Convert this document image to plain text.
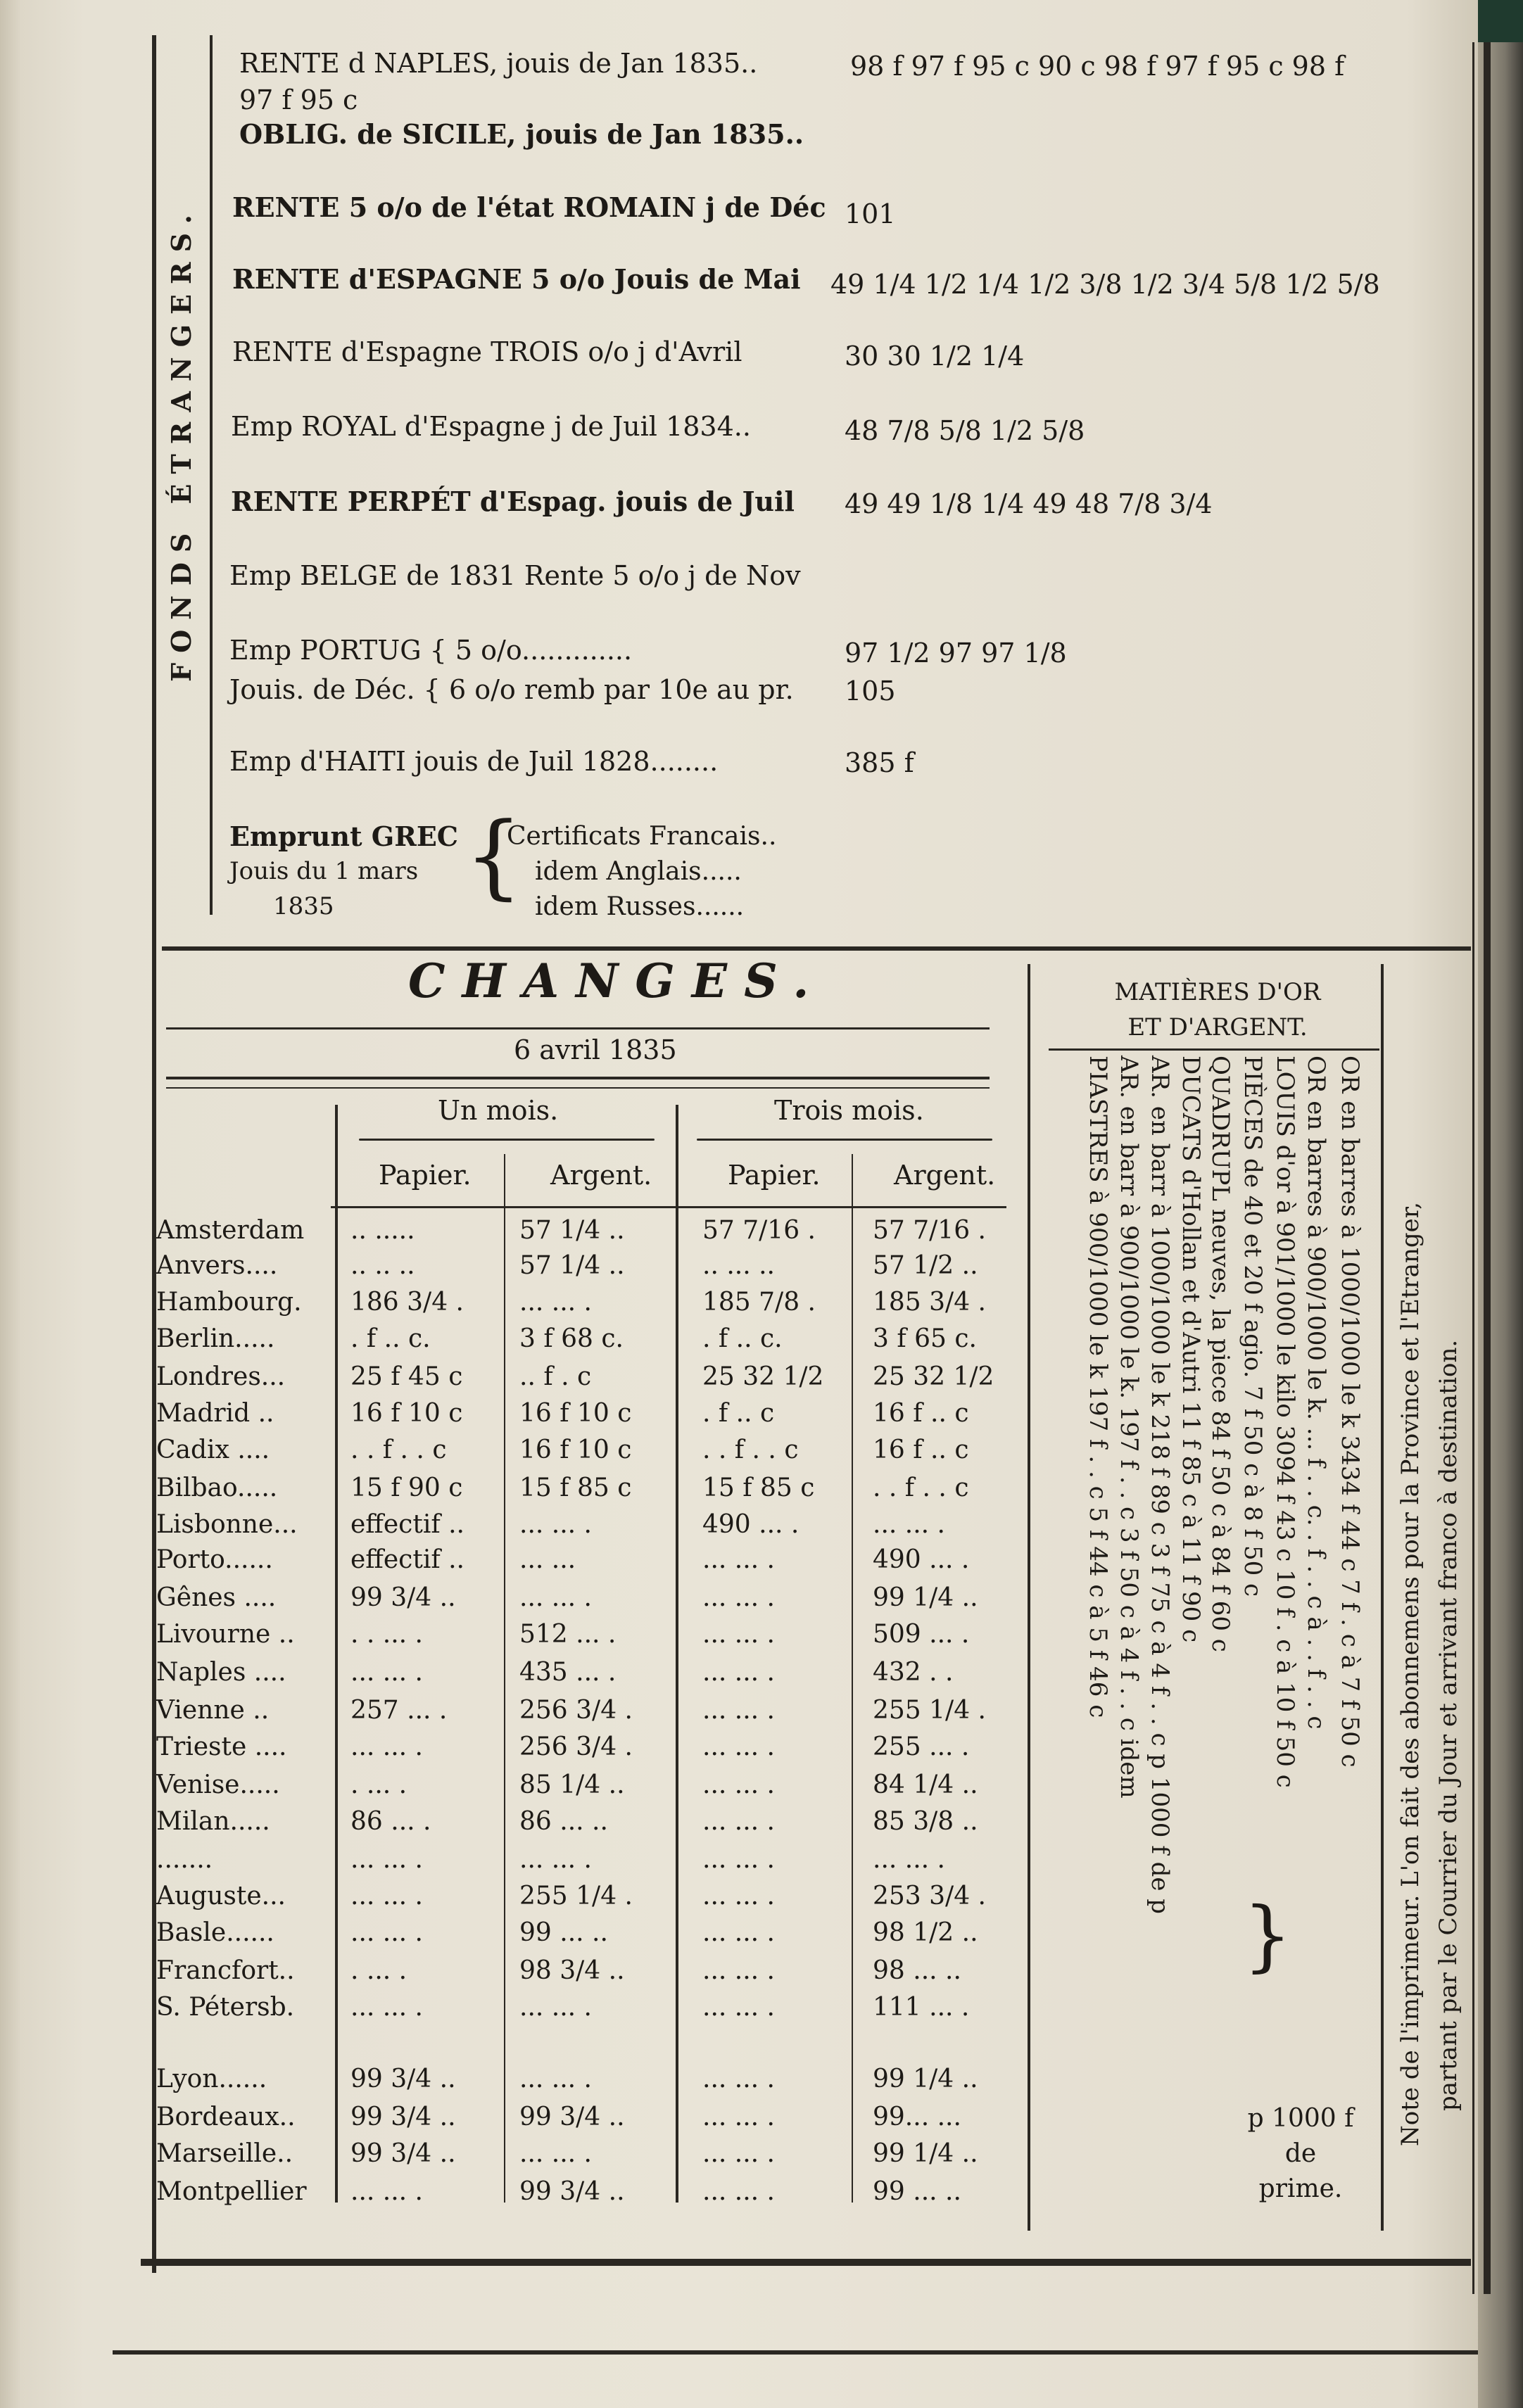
FONDS ÉTRANGERS.
RENTE d NAPLES, jouis de Jan 1835..	98 f 97 f 95 c 90 c 98 f 97 f 95 c 98 f
97 f 95 c
OBLIG. de SICILE, jouis de Jan 1835..
RENTE 5 o/o de l'état ROMAIN j de Déc 101
RENTE d'ESPAGNE 5 o/o Jouis de Mai 49 1/4 1/2 1/4 1/2 3/8 1/2 3/4 5/8 1/2 5/8
RENTE d'Espagne TROIS o/o j d'Avril	30 30 1/2 1/4
Emp ROYAL d'Espagne j de Juil 1834..	48 7/8 5/8 1/2 5/8
RENTE PERPÉT d'Espag. jouis de Juil 49 49 1/8 1/4 49 48 7/8 3/4
Emp BELGE de 1831 Rente 5 o/o j de Nov
Emp PORTUG { 5 o/o.............	97 1/2 97 97 1/8
Jouis. de Déc. { 6 o/o remb par 10e au pr. 105
Emp d'HAITI jouis de Juil 1828........	385 f
Emprunt GREC
Jouis du 1 mars
1835 {
Certificats Francais..
idem Anglais.....
idem Russes......
CHANGES.
6 avril 1835
Un mois.	Trois mois.
Papier.	Argent.	Papier.	Argent.
Amsterdam	.. .....	57 1/4 ..	57 7/16 .	57 7/16 .
Anvers....	.. .. ..	57 1/4 ..	.. ... ..	57 1/2 ..
Hambourg.	186 3/4 .	... ... .	185 7/8 .	185 3/4 .
Berlin.....	. f .. c.	3 f 68 c.	. f .. c.	3 f 65 c.
Londres...	25 f 45 c	.. f . c	25 32 1/2	25 32 1/2
Madrid ..	16 f 10 c	16 f 10 c	. f .. c	16 f .. c
Cadix ....	. . f . . c	16 f 10 c	. . f . . c	16 f .. c
Bilbao.....	15 f 90 c	15 f 85 c	15 f 85 c	. . f . . c
Lisbonne...	effectif ..	... ... .	490 ... .	... ... .
Porto......	effectif ..	... ...	... ... .	490 ... .
Gênes ....	99 3/4 ..	... ... .	... ... .	99 1/4 ..
Livourne ..	. . ... .	512 ... .	... ... .	509 ... .
Naples ....	... ... .	435 ... .	... ... .	432 . .
Vienne ..	257 ... .	256 3/4 .	... ... .	255 1/4 .
Trieste ....	... ... .	256 3/4 .	... ... .	255 ... .
Venise.....	. ... .	85 1/4 ..	... ... .	84 1/4 ..
Milan.....	86 ... .	86 ... ..	... ... .	85 3/8 ..
.......	... ... .	... ... .	... ... .	... ... .
Auguste...	... ... .	255 1/4 .	... ... .	253 3/4 .
Basle......	... ... .	99 ... ..	... ... .	98 1/2 ..
Francfort..	. ... .	98 3/4 ..	... ... .	98 ... ..
S. Pétersb.	... ... .	... ... .	... ... .	111 ... .
Lyon......	99 3/4 ..	... ... .	... ... .	99 1/4 ..
Bordeaux..	99 3/4 ..	99 3/4 ..	... ... .	99... ...
Marseille..	99 3/4 ..	... ... .	... ... .	99 1/4 ..
Montpellier	... ... .	99 3/4 ..	... ... .	99 ... ..
MATIÈRES D'OR
ET D'ARGENT.
OR en barres à 1000/1000 le k 3434 f 44 c 7 f . c à 7 f 50 c
OR en barres à 900/1000 le k. ... f . . c. . f . . c à . . f . . c
LOUIS d'or à 901/1000 le kilo 3094 f 43 c 10 f . c à 10 f 50 c
PIÈCES de 40 et 20 f agio. 7 f 50 c à 8 f 50 c
QUADRUPL neuves, la piece 84 f 50 c à 84 f 60 c
DUCATS d'Hollan et d'Autri 11 f 85 c à 11 f 90 c
AR. en barr à 1000/1000 le k 218 f 89 c 3 f 75 c à 4 f . . c p 1000 f de p
AR. en barr à 900/1000 le k. 197 f . . c 3 f 50 c à 4 f . . c idem
PIASTRES à 900/1000 le k 197 f . . c 5 f 44 c à 5 f 46 c
}
p 1000 f
de
prime.
Note de l'imprimeur. L'on fait des abonnemens pour la Province et l'Etranger, partant par le Courrier du Jour et arrivant franco à destination.
